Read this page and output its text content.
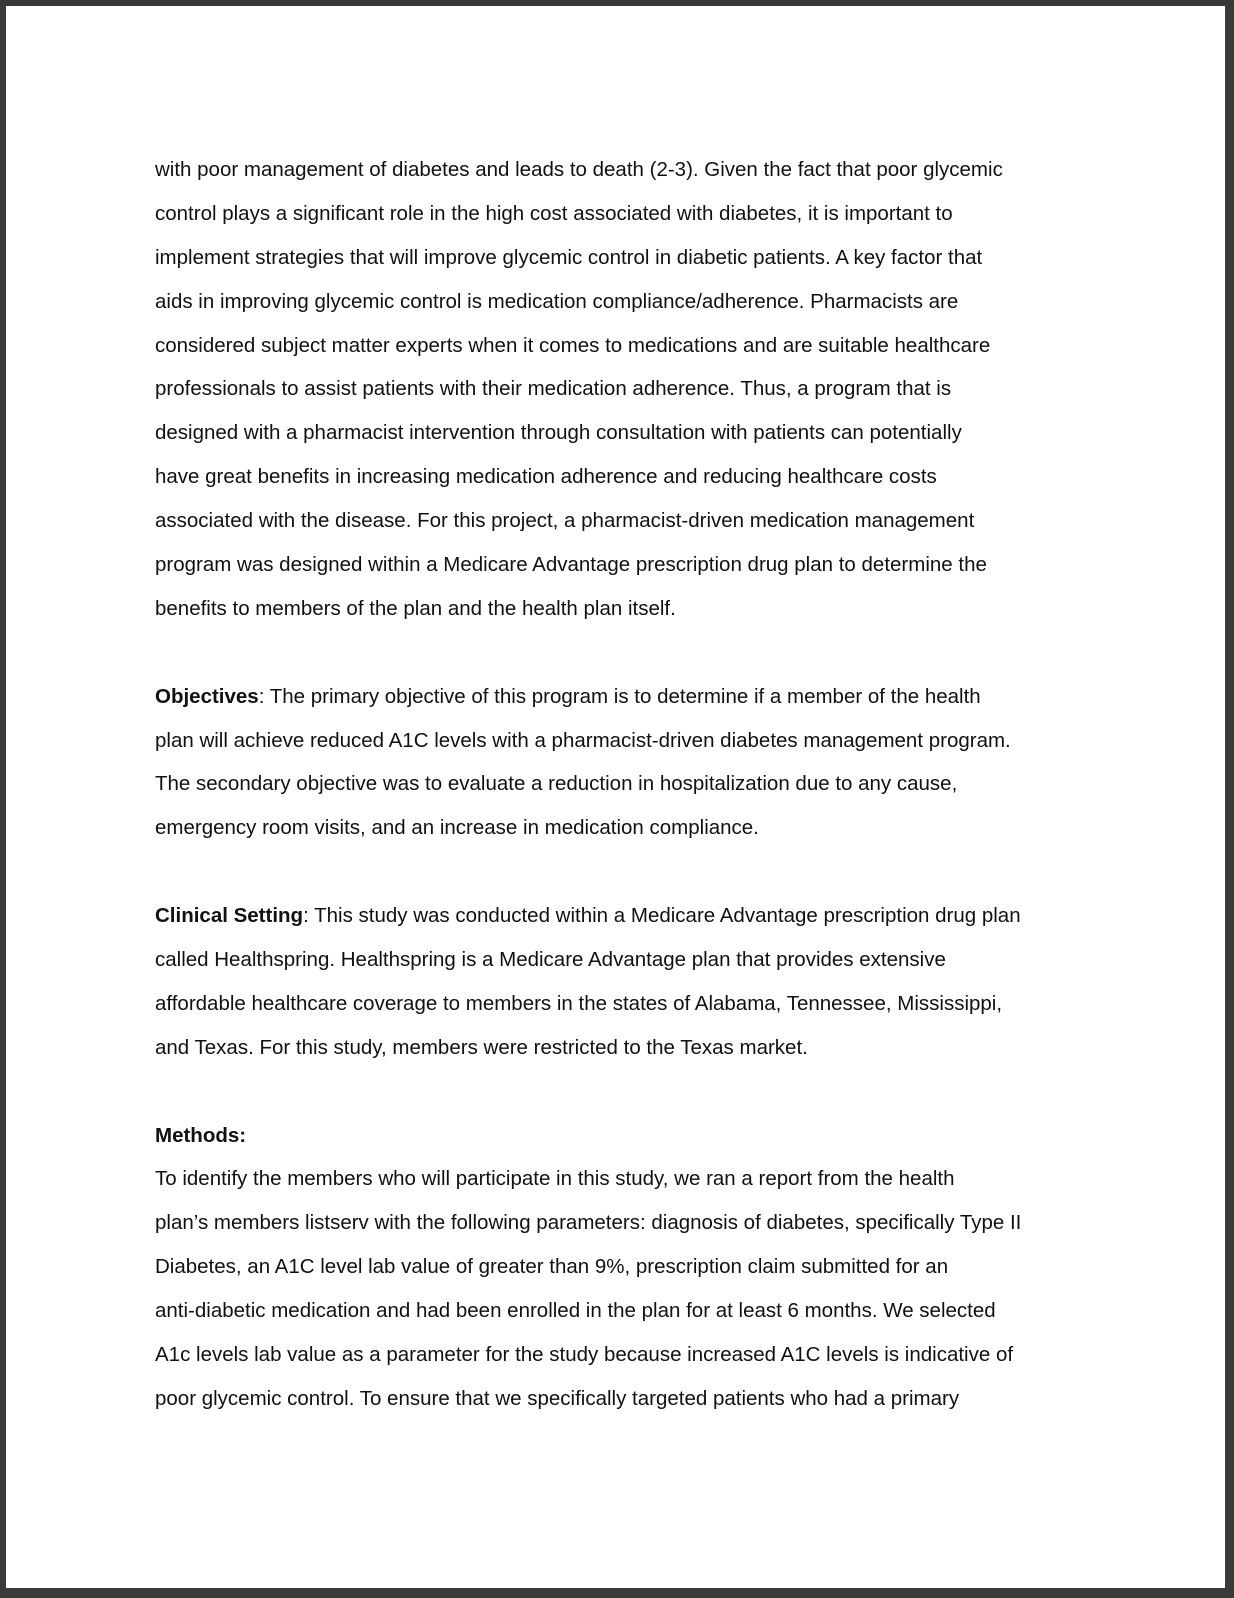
with poor management of diabetes and leads to death (2-3). Given the fact that poor glycemic
control plays a significant role in the high cost associated with diabetes, it is important to
implement strategies that will improve glycemic control in diabetic patients. A key factor that
aids in improving glycemic control is medication compliance/adherence. Pharmacists are
considered subject matter experts when it comes to medications and are suitable healthcare
professionals to assist patients with their medication adherence. Thus, a program that is
designed with a pharmacist intervention through consultation with patients can potentially
have great benefits in increasing medication adherence and reducing healthcare costs
associated with the disease. For this project, a pharmacist-driven medication management
program was designed within a Medicare Advantage prescription drug plan to determine the
benefits to members of the plan and the health plan itself.
Objectives: The primary objective of this program is to determine if a member of the health
plan will achieve reduced A1C levels with a pharmacist-driven diabetes management program.
The secondary objective was to evaluate a reduction in hospitalization due to any cause,
emergency room visits, and an increase in medication compliance.
Clinical Setting: This study was conducted within a Medicare Advantage prescription drug plan
called Healthspring. Healthspring is a Medicare Advantage plan that provides extensive
affordable healthcare coverage to members in the states of Alabama, Tennessee, Mississippi,
and Texas. For this study, members were restricted to the Texas market.
Methods:
To identify the members who will participate in this study, we ran a report from the health
plan’s members listserv with the following parameters: diagnosis of diabetes, specifically Type II
Diabetes, an A1C level lab value of greater than 9%, prescription claim submitted for an
anti-diabetic medication and had been enrolled in the plan for at least 6 months. We selected
A1c levels lab value as a parameter for the study because increased A1C levels is indicative of
poor glycemic control. To ensure that we specifically targeted patients who had a primary
